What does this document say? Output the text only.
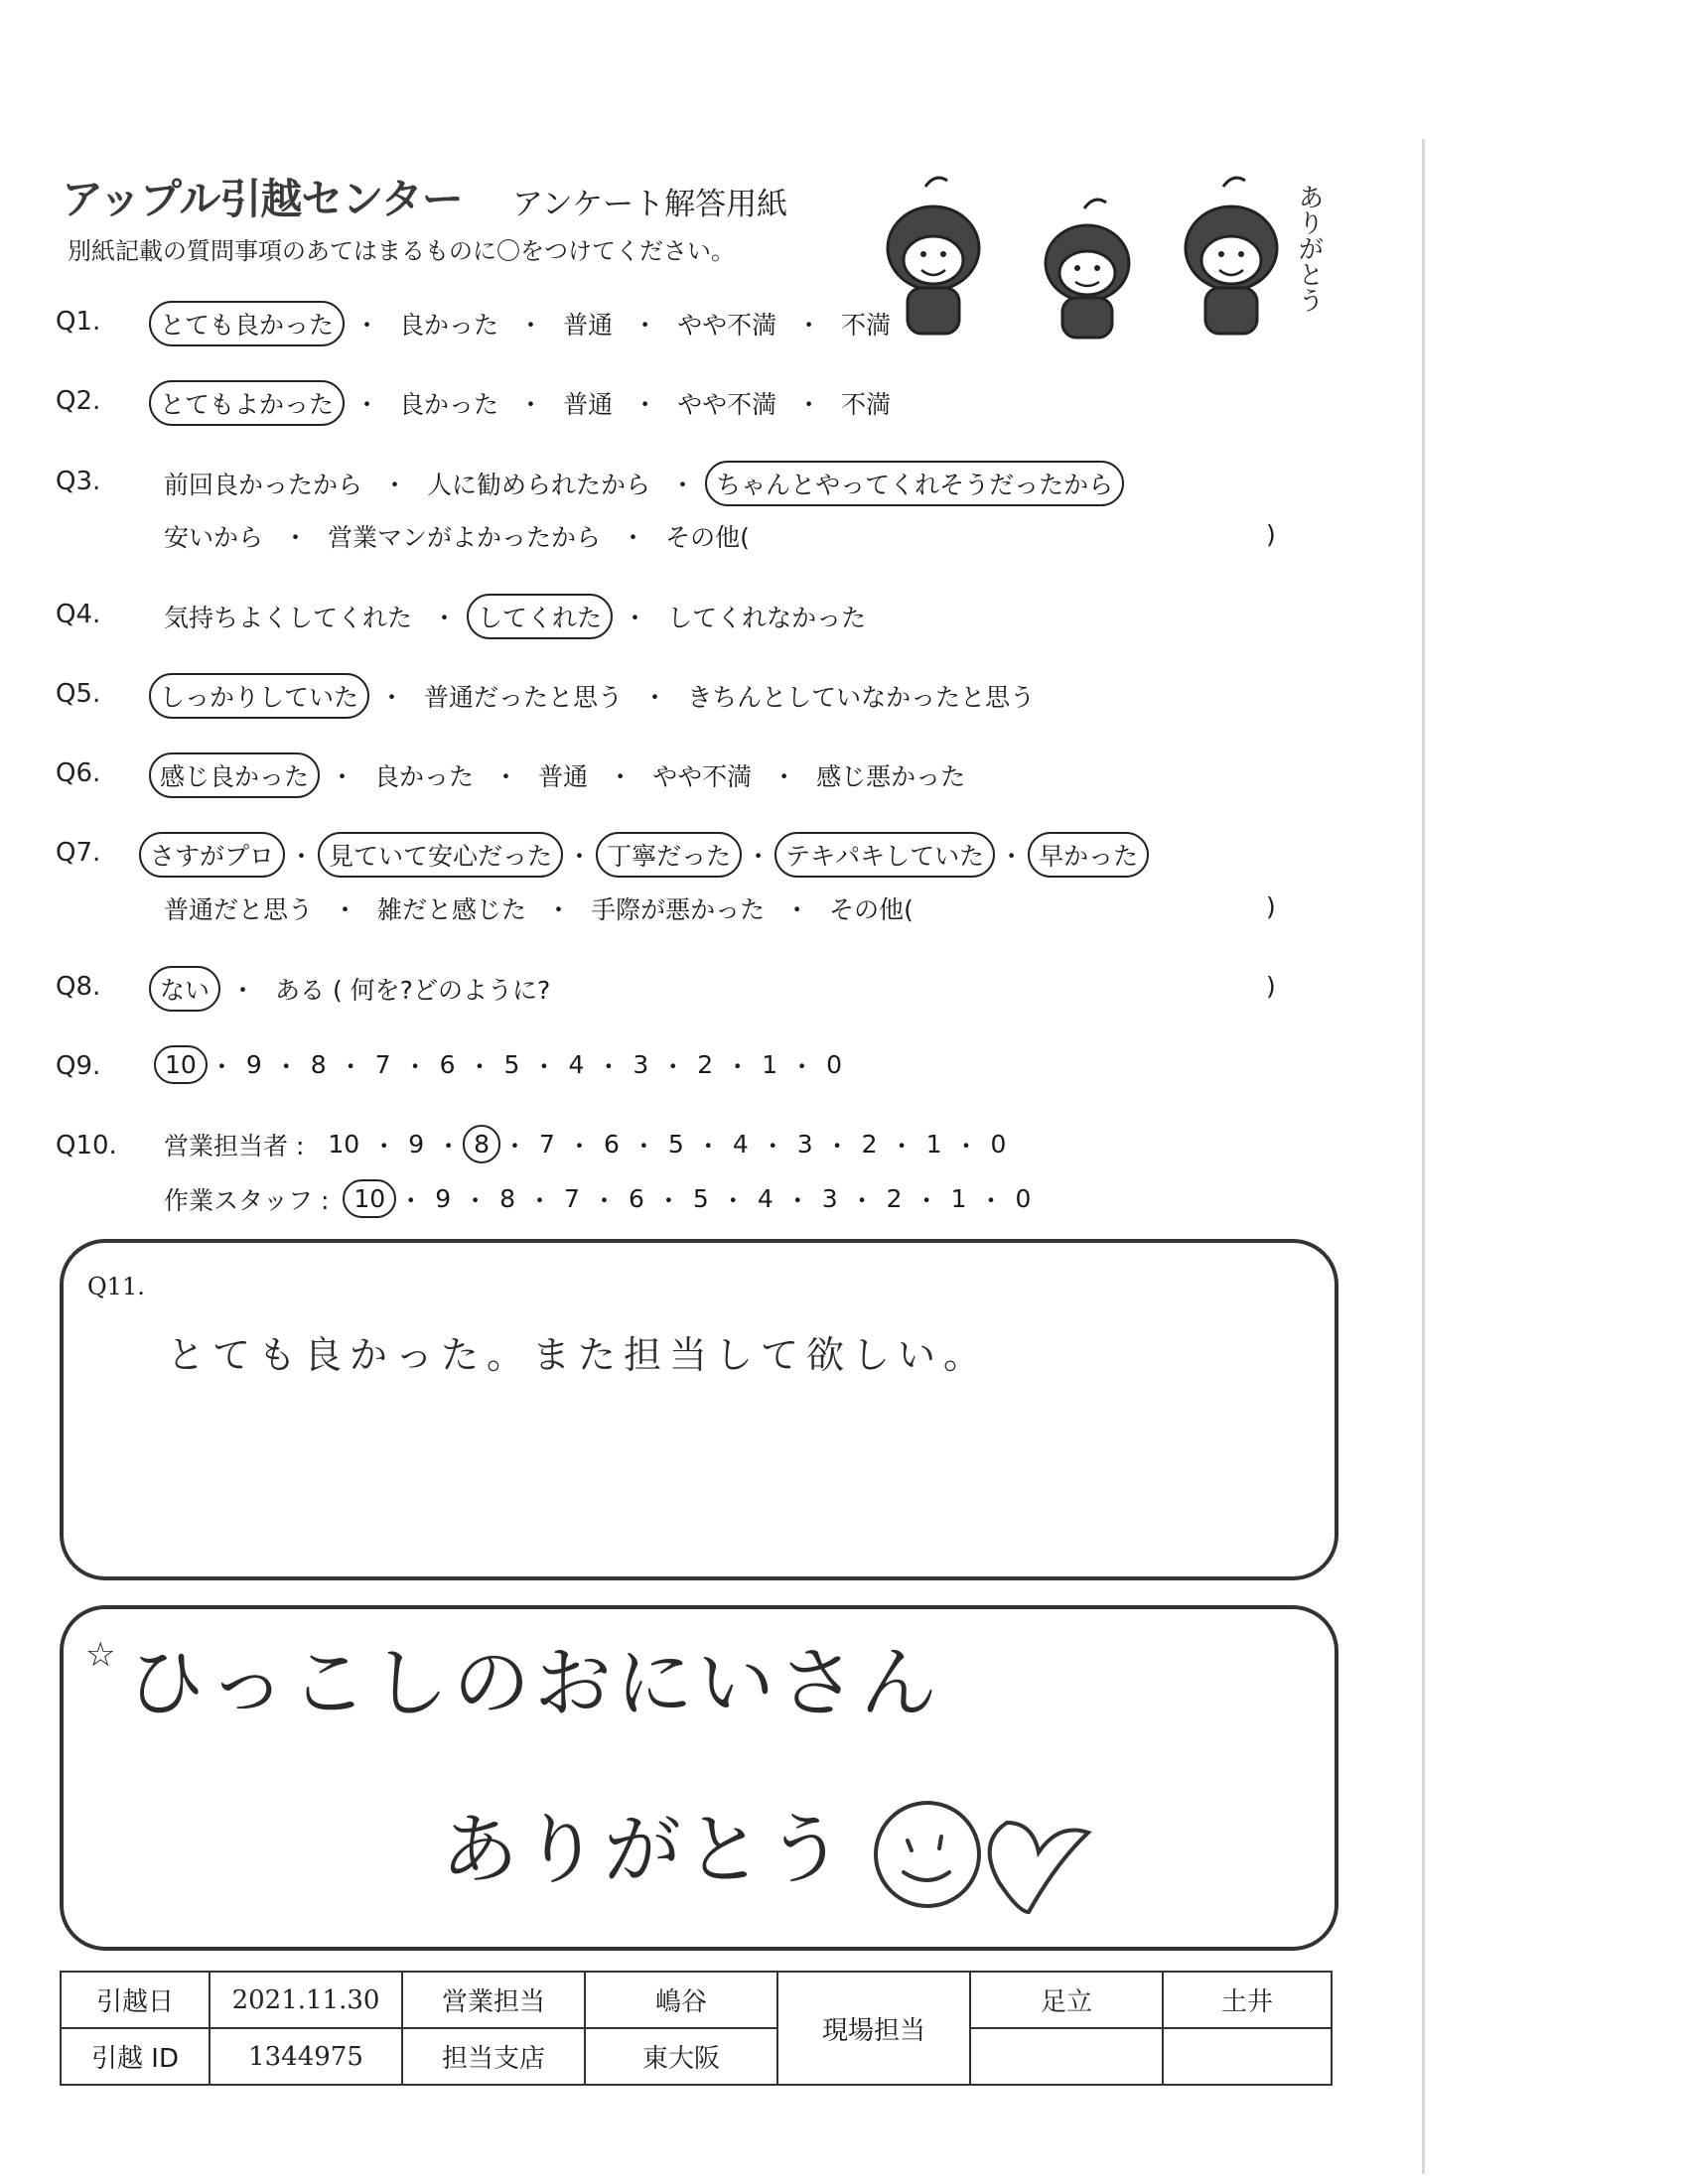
アップル引越センター アンケート解答用紙
別紙記載の質問事項のあてはまるものに〇をつけてください。	ありがとう
Q1.	とても良かった ・ 良かった ・ 普通 ・ やや不満 ・ 不満
Q2.	とてもよかった ・ 良かった ・ 普通 ・ やや不満 ・ 不満
Q3.	前回良かったから ・ 人に勧められたから ・ ちゃんとやってくれそうだったから
安いから ・ 営業マンがよかったから ・ その他(	)
Q4.	気持ちよくしてくれた ・ してくれた ・ してくれなかった
Q5.	しっかりしていた ・ 普通だったと思う ・ きちんとしていなかったと思う
Q6.	感じ良かった ・ 良かった ・ 普通 ・ やや不満 ・ 感じ悪かった
Q7.	さすがプロ ・ 見ていて安心だった ・ 丁寧だった ・ テキパキしていた ・ 早かった
普通だと思う ・ 雑だと感じた ・ 手際が悪かった ・ その他(	)
Q8.	ない ・ ある ( 何を?どのように?	)
Q9.	10 ・ 9 ・ 8 ・ 7 ・ 6 ・ 5 ・ 4 ・ 3 ・ 2 ・ 1 ・ 0
Q10. 営業担当者 : 10 ・ 9 ・ 8 ・ 7 ・ 6 ・ 5 ・ 4 ・ 3 ・ 2 ・ 1 ・ 0
作業スタッフ :	10 ・ 9 ・ 8 ・ 7 ・ 6 ・ 5 ・ 4 ・ 3 ・ 2 ・ 1 ・ 0
Q11.
とても良かった。また担当して欲しい。
☆ ひっこしのおにいさん
ありがとう
引越日	2021.11.30	営業担当	嶋谷	現場担当	足立	土井
引越 ID	1344975	担当支店	東大阪			
